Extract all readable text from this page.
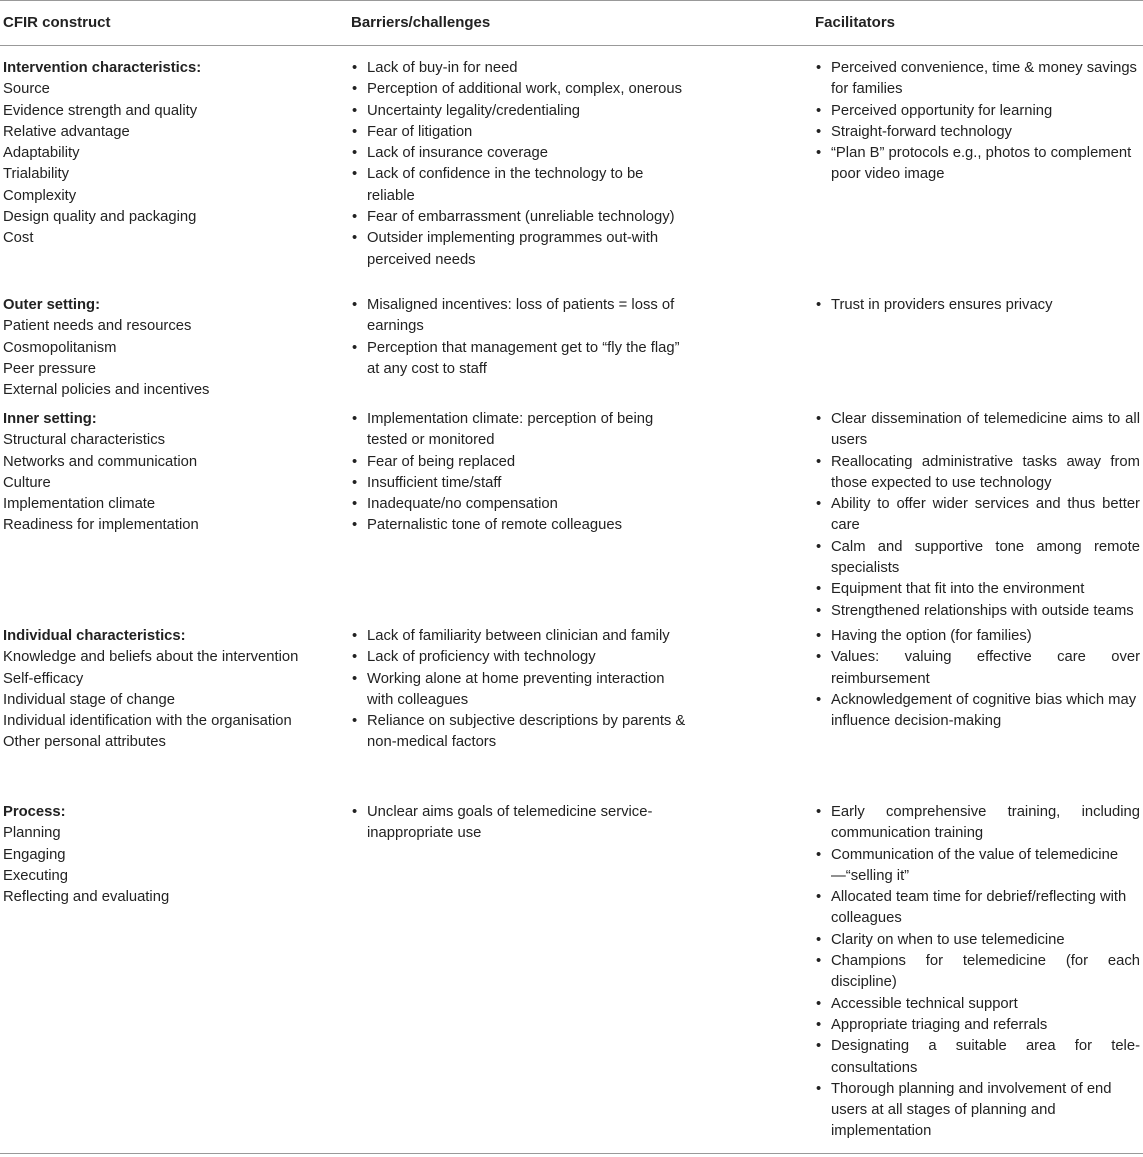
CFIR construct	Barriers/challenges	Facilitators
Intervention characteristics:
Source
Evidence strength and quality
Relative advantage
Adaptability
Trialability
Complexity
Design quality and packaging
Cost
• Lack of buy-in for need
• Perception of additional work, complex, onerous
• Uncertainty legality/credentialing
• Fear of litigation
• Lack of insurance coverage
• Lack of confidence in the technology to be reliable
• Fear of embarrassment (unreliable technology)
• Outsider implementing programmes out-with perceived needs
• Perceived convenience, time & money savings for families
• Perceived opportunity for learning
• Straight-forward technology
• “Plan B” protocols e.g., photos to complement poor video image
Outer setting:
Patient needs and resources
Cosmopolitanism
Peer pressure
External policies and incentives
• Misaligned incentives: loss of patients = loss of earnings
• Perception that management get to “fly the flag” at any cost to staff
• Trust in providers ensures privacy
Inner setting:
Structural characteristics
Networks and communication
Culture
Implementation climate
Readiness for implementation
• Implementation climate: perception of being tested or monitored
• Fear of being replaced
• Insufficient time/staff
• Inadequate/no compensation
• Paternalistic tone of remote colleagues
• Clear dissemination of telemedicine aims to all users
• Reallocating administrative tasks away from those expected to use technology
• Ability to offer wider services and thus better care
• Calm and supportive tone among remote specialists
• Equipment that fit into the environment
• Strengthened relationships with outside teams
Individual characteristics:
Knowledge and beliefs about the intervention
Self-efficacy
Individual stage of change
Individual identification with the organisation
Other personal attributes
• Lack of familiarity between clinician and family
• Lack of proficiency with technology
• Working alone at home preventing interaction with colleagues
• Reliance on subjective descriptions by parents & non-medical factors
• Having the option (for families)
• Values: valuing effective care over reimbursement
• Acknowledgement of cognitive bias which may influence decision-making
Process:
Planning
Engaging
Executing
Reflecting and evaluating
• Unclear aims goals of telemedicine service-inappropriate use
• Early comprehensive training, including communication training
• Communication of the value of telemedicine—“selling it”
• Allocated team time for debrief/reflecting with colleagues
• Clarity on when to use telemedicine
• Champions for telemedicine (for each discipline)
• Accessible technical support
• Appropriate triaging and referrals
• Designating a suitable area for tele-consultations
• Thorough planning and involvement of end users at all stages of planning and implementation
